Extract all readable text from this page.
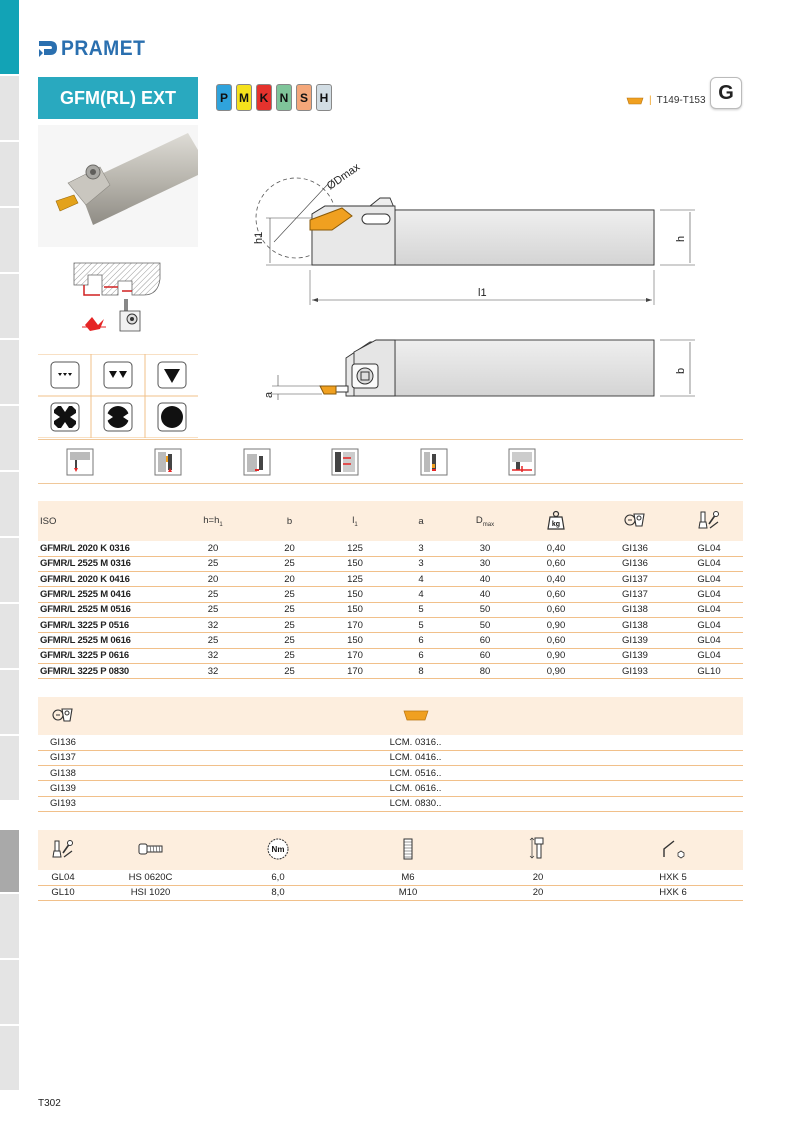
PRAMET
GFM(RL) EXT	P M K N S H	| T149-T153 G
ØDmax
h1	h
l1
a
b
ISO	$h=h_1$	b	$l_1$	a	$D_{max}$	kg

GFMR/L 2020 K 0316	20	20	125	3	30	0,40	GI136	GL04
GFMR/L 2525 M 0316	25	25	150	3	30	0,60	GI136	GL04
GFMR/L 2020 K 0416	20	20	125	4	40	0,40	GI137	GL04
GFMR/L 2525 M 0416	25	25	150	4	40	0,60	GI137	GL04
GFMR/L 2525 M 0516	25	25	150	5	50	0,60	GI138	GL04
GFMR/L 3225 P 0516	32	25	170	5	50	0,90	GI138	GL04
GFMR/L 2525 M 0616	25	25	150	6	60	0,60	GI139	GL04
GFMR/L 3225 P 0616	32	25	170	6	60	0,90	GI139	GL04
GFMR/L 3225 P 0830	32	25	170	8	80	0,90	GI193	GL10

GI136	LCM. 0316..
GI137	LCM. 0416..
GI138	LCM. 0516..
GI139	LCM. 0616..
GI193	LCM. 0830..

Nm

GL04	HS 0620C	6,0	M6	20	HXK 5
GL10	HSI 1020	8,0	M10	20	HXK 6
T302
